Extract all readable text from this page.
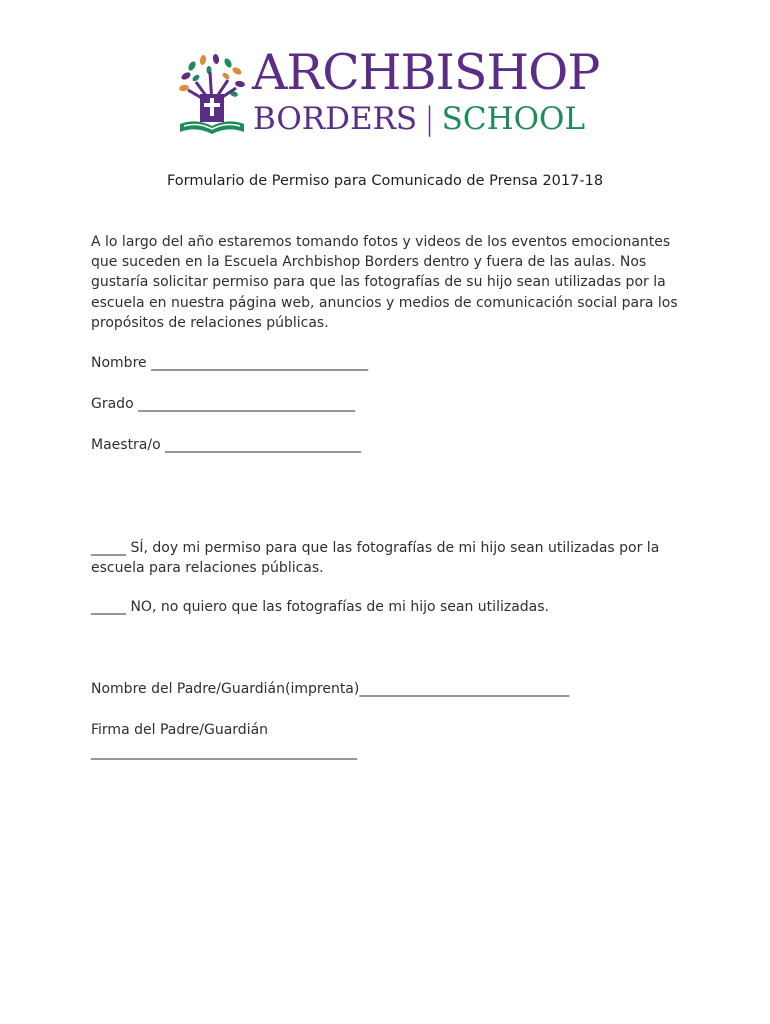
ARCHBISHOP
BORDERS | SCHOOL
Formulario de Permiso para Comunicado de Prensa 2017-18
A lo largo del año estaremos tomando fotos y videos de los eventos emocionantes que suceden en la Escuela Archbishop Borders dentro y fuera de las aulas. Nos gustaría solicitar permiso para que las fotografías de su hijo sean utilizadas por la escuela en nuestra página web, anuncios y medios de comunicación social para los propósitos de relaciones públicas.
Nombre _______________________________
Grado _______________________________
Maestra/o ____________________________
_____ SÍ, doy mi permiso para que las fotografías de mi hijo sean utilizadas por la escuela para relaciones públicas.
_____ NO, no quiero que las fotografías de mi hijo sean utilizadas.
Nombre del Padre/Guardián(imprenta)______________________________
Firma del Padre/Guardián
______________________________________
